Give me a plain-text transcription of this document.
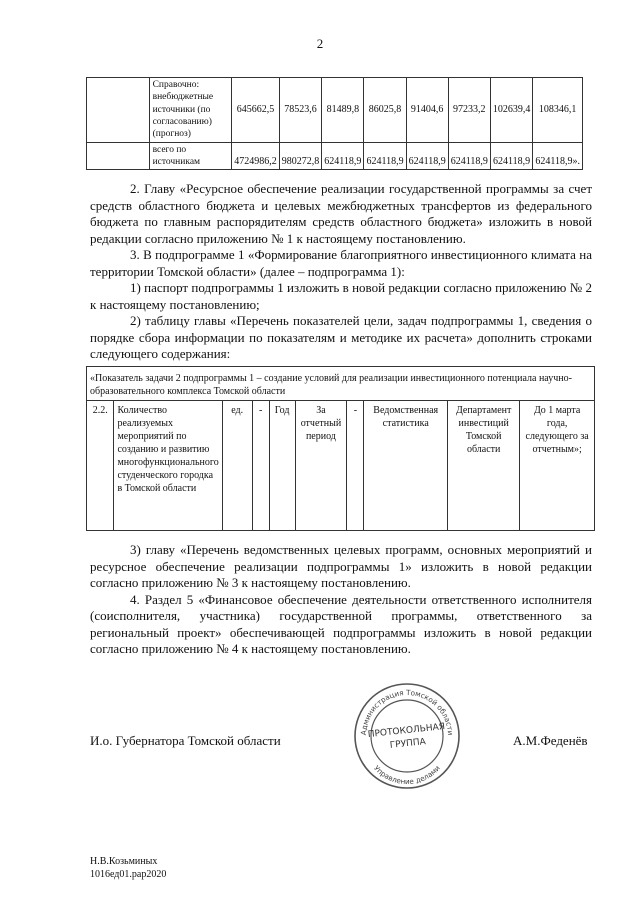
2
	Справочно: внебюджетные источники (по согласованию) (прогноз)	645662,5	78523,6	81489,8	86025,8	91404,6	97233,2	102639,4	108346,1
	всего по источникам	4724986,2	980272,8	624118,9	624118,9	624118,9	624118,9	624118,9	624118,9».

2. Главу «Ресурсное обеспечение реализации государственной программы за счет средств областного бюджета и целевых межбюджетных трансфертов из федерального бюджета по главным распорядителям средств областного бюджета» изложить в новой редакции согласно приложению № 1 к настоящему постановлению.

3. В подпрограмме 1 «Формирование благоприятного инвестиционного климата на территории Томской области» (далее – подпрограмма 1):

1) паспорт подпрограммы 1 изложить в новой редакции согласно приложению № 2 к настоящему постановлению;

2) таблицу главы «Перечень показателей цели, задач подпрограммы 1, сведения о порядке сбора информации по показателям и методике их расчета» дополнить строками следующего содержания:

«Показатель задачи 2 подпрограммы 1 – создание условий для реализации инвестиционного потенциала научно-образовательного комплекса Томской области
2.2.	Количество реализуемых мероприятий по созданию и развитию многофункционального студенческого городка в Томской области	ед.	-	Год	За отчетный период	-	Ведомственная статистика	Департамент инвестиций Томской области	До 1 марта года, следующего за отчетным»;

3) главу «Перечень ведомственных целевых программ, основных мероприятий и ресурсное обеспечение реализации подпрограммы 1» изложить в новой редакции согласно приложению № 3 к настоящему постановлению.

4. Раздел 5 «Финансовое обеспечение деятельности ответственного исполнителя (соисполнителя, участника) государственной программы, ответственного за региональный проект» обеспечивающей подпрограммы изложить в новой редакции согласно приложению № 4 к настоящему постановлению.

Администрация Томской области
Управление делами
ПРОТОКОЛЬНАЯ
ГРУППА
И.о. Губернатора Томской области	А.М.Феденёв
Н.В.Козьминых
1016ед01.рар2020
